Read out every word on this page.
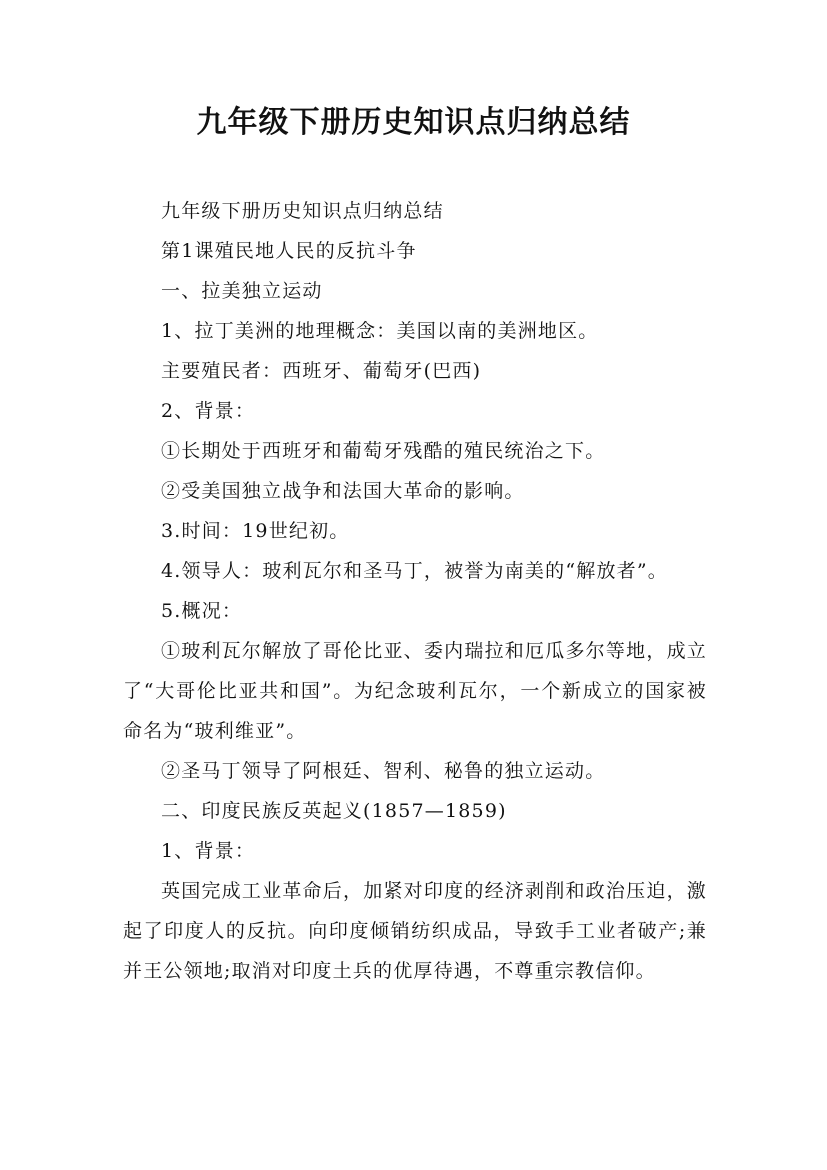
九年级下册历史知识点归纳总结

九年级下册历史知识点归纳总结

第1课殖民地人民的反抗斗争

一、拉美独立运动

1、拉丁美洲的地理概念：美国以南的美洲地区。

主要殖民者：西班牙、葡萄牙(巴西)

2、背景：

①长期处于西班牙和葡萄牙残酷的殖民统治之下。

②受美国独立战争和法国大革命的影响。

3.时间：19世纪初。

4.领导人：玻利瓦尔和圣马丁，被誉为南美的“解放者”。

5.概况：

①玻利瓦尔解放了哥伦比亚、委内瑞拉和厄瓜多尔等地，成立了“大哥伦比亚共和国”。为纪念玻利瓦尔，一个新成立的国家被命名为“玻利维亚”。

②圣马丁领导了阿根廷、智利、秘鲁的独立运动。

二、印度民族反英起义(1857—1859)

1、背景：

英国完成工业革命后，加紧对印度的经济剥削和政治压迫，激起了印度人的反抗。向印度倾销纺织成品，导致手工业者破产;兼并王公领地;取消对印度土兵的优厚待遇，不尊重宗教信仰。
